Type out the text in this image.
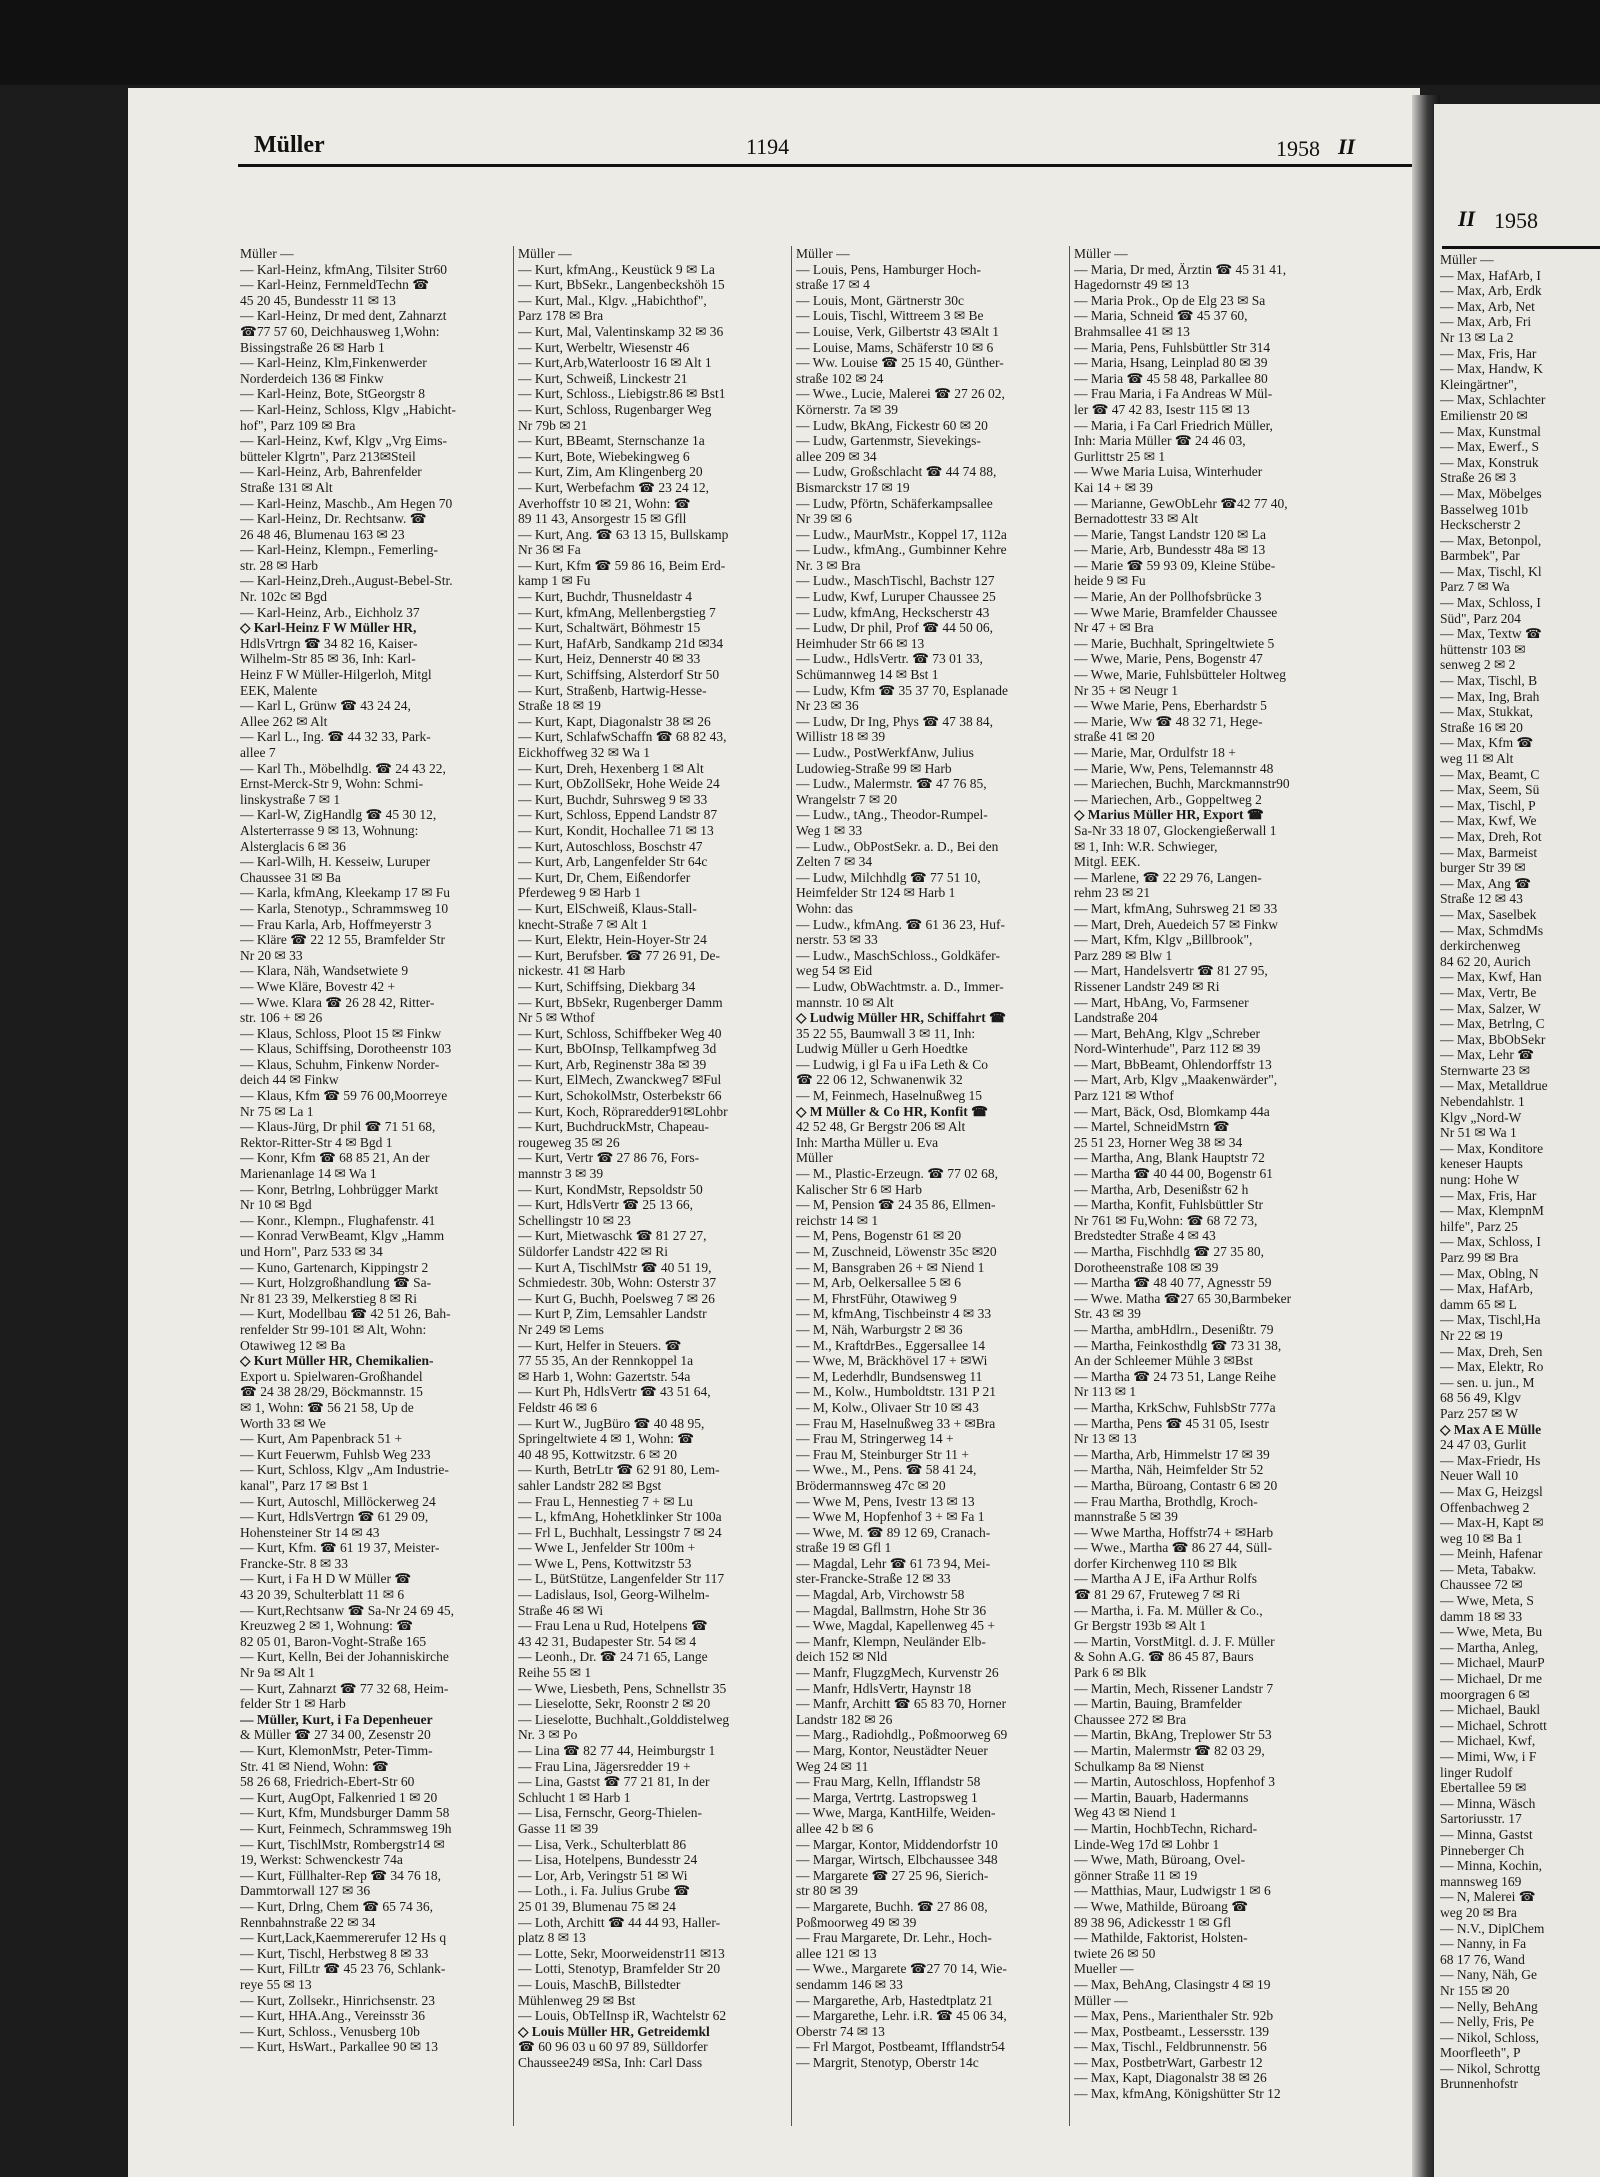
Müller	1194	1958 II
Müller —
— Karl-Heinz, kfmAng, Tilsiter Str60
— Karl-Heinz, FernmeldTechn ☎
45 20 45, Bundesstr 11 ✉ 13
— Karl-Heinz, Dr med dent, Zahnarzt
☎77 57 60, Deichhausweg 1,Wohn:
Bissingstraße 26 ✉ Harb 1
— Karl-Heinz, Klm,Finkenwerder
Norderdeich 136 ✉ Finkw
— Karl-Heinz, Bote, StGeorgstr 8
— Karl-Heinz, Schloss, Klgv „Habicht-
hof", Parz 109 ✉ Bra
— Karl-Heinz, Kwf, Klgv „Vrg Eims-
bütteler Klgrtn", Parz 213✉Steil
— Karl-Heinz, Arb, Bahrenfelder
Straße 131 ✉ Alt
— Karl-Heinz, Maschb., Am Hegen 70
— Karl-Heinz, Dr. Rechtsanw. ☎
26 48 46, Blumenau 163 ✉ 23
— Karl-Heinz, Klempn., Femerling-
str. 28 ✉ Harb
— Karl-Heinz,Dreh.,August-Bebel-Str.
Nr. 102c ✉ Bgd
— Karl-Heinz, Arb., Eichholz 37
◇ Karl-Heinz F W Müller HR,
HdlsVrtrgn ☎ 34 82 16, Kaiser-
Wilhelm-Str 85 ✉ 36, Inh: Karl-
Heinz F W Müller-Hilgerloh, Mitgl
EEK, Malente
— Karl L, Grünw ☎ 43 24 24,
Allee 262 ✉ Alt
— Karl L., Ing. ☎ 44 32 33, Park-
allee 7
— Karl Th., Möbelhdlg. ☎ 24 43 22,
Ernst-Merck-Str 9, Wohn: Schmi-
linskystraße 7 ✉ 1
— Karl-W, ZigHandlg ☎ 45 30 12,
Alsterterrasse 9 ✉ 13, Wohnung:
Alsterglacis 6 ✉ 36
— Karl-Wilh, H. Kesseiw, Luruper
Chaussee 31 ✉ Ba
— Karla, kfmAng, Kleekamp 17 ✉ Fu
— Karla, Stenotyp., Schrammsweg 10
— Frau Karla, Arb, Hoffmeyerstr 3
— Kläre ☎ 22 12 55, Bramfelder Str
Nr 20 ✉ 33
— Klara, Näh, Wandsetwiete 9
— Wwe Kläre, Bovestr 42 +
— Wwe. Klara ☎ 26 28 42, Ritter-
str. 106 + ✉ 26
— Klaus, Schloss, Ploot 15 ✉ Finkw
— Klaus, Schiffsing, Dorotheenstr 103
— Klaus, Schuhm, Finkenw Norder-
deich 44 ✉ Finkw
— Klaus, Kfm ☎ 59 76 00,Moorreye
Nr 75 ✉ La 1
— Klaus-Jürg, Dr phil ☎ 71 51 68,
Rektor-Ritter-Str 4 ✉ Bgd 1
— Konr, Kfm ☎ 68 85 21, An der
Marienanlage 14 ✉ Wa 1
— Konr, Betrlng, Lohbrügger Markt
Nr 10 ✉ Bgd
— Konr., Klempn., Flughafenstr. 41
— Konrad VerwBeamt, Klgv „Hamm
und Horn", Parz 533 ✉ 34
— Kuno, Gartenarch, Kippingstr 2
— Kurt, Holzgroßhandlung ☎ Sa-
Nr 81 23 39, Melkerstieg 8 ✉ Ri
— Kurt, Modellbau ☎ 42 51 26, Bah-
renfelder Str 99-101 ✉ Alt, Wohn:
Otawiweg 12 ✉ Ba
◇ Kurt Müller HR, Chemikalien-
Export u. Spielwaren-Großhandel
☎ 24 38 28/29, Böckmannstr. 15
✉ 1, Wohn: ☎ 56 21 58, Up de
Worth 33 ✉ We
— Kurt, Am Papenbrack 51 +
— Kurt Feuerwm, Fuhlsb Weg 233
— Kurt, Schloss, Klgv „Am Industrie-
kanal", Parz 17 ✉ Bst 1
— Kurt, Autoschl, Millöckerweg 24
— Kurt, HdlsVertrgn ☎ 61 29 09,
Hohensteiner Str 14 ✉ 43
— Kurt, Kfm. ☎ 61 19 37, Meister-
Francke-Str. 8 ✉ 33
— Kurt, i Fa H D W Müller ☎
43 20 39, Schulterblatt 11 ✉ 6
— Kurt,Rechtsanw ☎ Sa-Nr 24 69 45,
Kreuzweg 2 ✉ 1, Wohnung: ☎
82 05 01, Baron-Voght-Straße 165
— Kurt, Kelln, Bei der Johanniskirche
Nr 9a ✉ Alt 1
— Kurt, Zahnarzt ☎ 77 32 68, Heim-
felder Str 1 ✉ Harb
— Müller, Kurt, i Fa Depenheuer
& Müller ☎ 27 34 00, Zesenstr 20
— Kurt, KlemonMstr, Peter-Timm-
Str. 41 ✉ Niend, Wohn: ☎
58 26 68, Friedrich-Ebert-Str 60
— Kurt, AugOpt, Falkenried 1 ✉ 20
— Kurt, Kfm, Mundsburger Damm 58
— Kurt, Feinmech, Schrammsweg 19h
— Kurt, TischlMstr, Rombergstr14 ✉
19, Werkst: Schwenckestr 74a
— Kurt, Füllhalter-Rep ☎ 34 76 18,
Dammtorwall 127 ✉ 36
— Kurt, Drlng, Chem ☎ 65 74 36,
Rennbahnstraße 22 ✉ 34
— Kurt,Lack,Kaemmererufer 12 Hs q
— Kurt, Tischl, Herbstweg 8 ✉ 33
— Kurt, FilLtr ☎ 45 23 76, Schlank-
reye 55 ✉ 13
— Kurt, Zollsekr., Hinrichsenstr. 23
— Kurt, HHA.Ang., Vereinsstr 36
— Kurt, Schloss., Venusberg 10b
— Kurt, HsWart., Parkallee 90 ✉ 13
Müller —
— Kurt, kfmAng., Keustück 9 ✉ La
— Kurt, BbSekr., Langenbeckshöh 15
— Kurt, Mal., Klgv. „Habichthof",
Parz 178 ✉ Bra
— Kurt, Mal, Valentinskamp 32 ✉ 36
— Kurt, Werbeltr, Wiesenstr 46
— Kurt,Arb,Waterloostr 16 ✉ Alt 1
— Kurt, Schweiß, Linckestr 21
— Kurt, Schloss., Liebigstr.86 ✉ Bst1
— Kurt, Schloss, Rugenbarger Weg
Nr 79b ✉ 21
— Kurt, BBeamt, Sternschanze 1a
— Kurt, Bote, Wiebekingweg 6
— Kurt, Zim, Am Klingenberg 20
— Kurt, Werbefachm ☎ 23 24 12,
Averhoffstr 10 ✉ 21, Wohn: ☎
89 11 43, Ansorgestr 15 ✉ Gfll
— Kurt, Ang. ☎ 63 13 15, Bullskamp
Nr 36 ✉ Fa
— Kurt, Kfm ☎ 59 86 16, Beim Erd-
kamp 1 ✉ Fu
— Kurt, Buchdr, Thusneldastr 4
— Kurt, kfmAng, Mellenbergstieg 7
— Kurt, Schaltwärt, Böhmestr 15
— Kurt, HafArb, Sandkamp 21d ✉34
— Kurt, Heiz, Dennerstr 40 ✉ 33
— Kurt, Schiffsing, Alsterdorf Str 50
— Kurt, Straßenb, Hartwig-Hesse-
Straße 18 ✉ 19
— Kurt, Kapt, Diagonalstr 38 ✉ 26
— Kurt, SchlafwSchaffn ☎ 68 82 43,
Eickhoffweg 32 ✉ Wa 1
— Kurt, Dreh, Hexenberg 1 ✉ Alt
— Kurt, ObZollSekr, Hohe Weide 24
— Kurt, Buchdr, Suhrsweg 9 ✉ 33
— Kurt, Schloss, Eppend Landstr 87
— Kurt, Kondit, Hochallee 71 ✉ 13
— Kurt, Autoschloss, Boschstr 47
— Kurt, Arb, Langenfelder Str 64c
— Kurt, Dr, Chem, Eißendorfer
Pferdeweg 9 ✉ Harb 1
— Kurt, ElSchweiß, Klaus-Stall-
knecht-Straße 7 ✉ Alt 1
— Kurt, Elektr, Hein-Hoyer-Str 24
— Kurt, Berufsber. ☎ 77 26 91, De-
nickestr. 41 ✉ Harb
— Kurt, Schiffsing, Diekbarg 34
— Kurt, BbSekr, Rugenberger Damm
Nr 5 ✉ Wthof
— Kurt, Schloss, Schiffbeker Weg 40
— Kurt, BbOInsp, Tellkampfweg 3d
— Kurt, Arb, Reginenstr 38a ✉ 39
— Kurt, ElMech, Zwanckweg7 ✉Ful
— Kurt, SchokolMstr, Osterbekstr 66
— Kurt, Koch, Röpraredder91✉Lohbr
— Kurt, BuchdruckMstr, Chapeau-
rougeweg 35 ✉ 26
— Kurt, Vertr ☎ 27 86 76, Fors-
mannstr 3 ✉ 39
— Kurt, KondMstr, Repsoldstr 50
— Kurt, HdlsVertr ☎ 25 13 66,
Schellingstr 10 ✉ 23
— Kurt, Mietwaschk ☎ 81 27 27,
Süldorfer Landstr 422 ✉ Ri
— Kurt A, TischlMstr ☎ 40 51 19,
Schmiedestr. 30b, Wohn: Osterstr 37
— Kurt G, Buchh, Poelsweg 7 ✉ 26
— Kurt P, Zim, Lemsahler Landstr
Nr 249 ✉ Lems
— Kurt, Helfer in Steuers. ☎
77 55 35, An der Rennkoppel 1a
✉ Harb 1, Wohn: Gazertstr. 54a
— Kurt Ph, HdlsVertr ☎ 43 51 64,
Feldstr 46 ✉ 6
— Kurt W., JugBüro ☎ 40 48 95,
Springeltwiete 4 ✉ 1, Wohn: ☎
40 48 95, Kottwitzstr. 6 ✉ 20
— Kurth, BetrLtr ☎ 62 91 80, Lem-
sahler Landstr 282 ✉ Bgst
— Frau L, Hennestieg 7 + ✉ Lu
— L, kfmAng, Hohetklinker Str 100a
— Frl L, Buchhalt, Lessingstr 7 ✉ 24
— Wwe L, Jenfelder Str 100m +
— Wwe L, Pens, Kottwitzstr 53
— L, BütStütze, Langenfelder Str 117
— Ladislaus, Isol, Georg-Wilhelm-
Straße 46 ✉ Wi
— Frau Lena u Rud, Hotelpens ☎
43 42 31, Budapester Str. 54 ✉ 4
— Leonh., Dr. ☎ 24 71 65, Lange
Reihe 55 ✉ 1
— Wwe, Liesbeth, Pens, Schnellstr 35
— Lieselotte, Sekr, Roonstr 2 ✉ 20
— Lieselotte, Buchhalt.,Golddistelweg
Nr. 3 ✉ Po
— Lina ☎ 82 77 44, Heimburgstr 1
— Frau Lina, Jägersredder 19 +
— Lina, Gastst ☎ 77 21 81, In der
Schlucht 1 ✉ Harb 1
— Lisa, Fernschr, Georg-Thielen-
Gasse 11 ✉ 39
— Lisa, Verk., Schulterblatt 86
— Lisa, Hotelpens, Bundesstr 24
— Lor, Arb, Veringstr 51 ✉ Wi
— Loth., i. Fa. Julius Grube ☎
25 01 39, Blumenau 75 ✉ 24
— Loth, Architt ☎ 44 44 93, Haller-
platz 8 ✉ 13
— Lotte, Sekr, Moorweidenstr11 ✉13
— Lotti, Stenotyp, Bramfelder Str 20
— Louis, MaschB, Billstedter
Mühlenweg 29 ✉ Bst
— Louis, ObTelInsp iR, Wachtelstr 62
◇ Louis Müller HR, Getreidemkl
☎ 60 96 03 u 60 97 89, Sülldorfer
Chaussee249 ✉Sa, Inh: Carl Dass
Müller —
— Louis, Pens, Hamburger Hoch-
straße 17 ✉ 4
— Louis, Mont, Gärtnerstr 30c
— Louis, Tischl, Wittreem 3 ✉ Be
— Louise, Verk, Gilbertstr 43 ✉Alt 1
— Louise, Mams, Schäferstr 10 ✉ 6
— Ww. Louise ☎ 25 15 40, Günther-
straße 102 ✉ 24
— Wwe., Lucie, Malerei ☎ 27 26 02,
Körnerstr. 7a ✉ 39
— Ludw, BkAng, Fickestr 60 ✉ 20
— Ludw, Gartenmstr, Sievekings-
allee 209 ✉ 34
— Ludw, Großschlacht ☎ 44 74 88,
Bismarckstr 17 ✉ 19
— Ludw, Pförtn, Schäferkampsallee
Nr 39 ✉ 6
— Ludw., MaurMstr., Koppel 17, 112a
— Ludw., kfmAng., Gumbinner Kehre
Nr. 3 ✉ Bra
— Ludw., MaschTischl, Bachstr 127
— Ludw, Kwf, Luruper Chaussee 25
— Ludw, kfmAng, Heckscherstr 43
— Ludw, Dr phil, Prof ☎ 44 50 06,
Heimhuder Str 66 ✉ 13
— Ludw., HdlsVertr. ☎ 73 01 33,
Schümannweg 14 ✉ Bst 1
— Ludw, Kfm ☎ 35 37 70, Esplanade
Nr 23 ✉ 36
— Ludw, Dr Ing, Phys ☎ 47 38 84,
Willistr 18 ✉ 39
— Ludw., PostWerkfAnw, Julius
Ludowieg-Straße 99 ✉ Harb
— Ludw., Malermstr. ☎ 47 76 85,
Wrangelstr 7 ✉ 20
— Ludw., tAng., Theodor-Rumpel-
Weg 1 ✉ 33
— Ludw., ObPostSekr. a. D., Bei den
Zelten 7 ✉ 34
— Ludw, Milchhdlg ☎ 77 51 10,
Heimfelder Str 124 ✉ Harb 1
Wohn: das
— Ludw., kfmAng. ☎ 61 36 23, Huf-
nerstr. 53 ✉ 33
— Ludw., MaschSchloss., Goldkäfer-
weg 54 ✉ Eid
— Ludw, ObWachtmstr. a. D., Immer-
mannstr. 10 ✉ Alt
◇ Ludwig Müller HR, Schiffahrt ☎
35 22 55, Baumwall 3 ✉ 11, Inh:
Ludwig Müller u Gerh Hoedtke
— Ludwig, i gl Fa u iFa Leth & Co
☎ 22 06 12, Schwanenwik 32
— M, Feinmech, Haselnußweg 15
◇ M Müller & Co HR, Konfit ☎
42 52 48, Gr Bergstr 206 ✉ Alt
Inh: Martha Müller u. Eva
Müller
— M., Plastic-Erzeugn. ☎ 77 02 68,
Kalischer Str 6 ✉ Harb
— M, Pension ☎ 24 35 86, Ellmen-
reichstr 14 ✉ 1
— M, Pens, Bogenstr 61 ✉ 20
— M, Zuschneid, Löwenstr 35c ✉20
— M, Bansgraben 26 + ✉ Niend 1
— M, Arb, Oelkersallee 5 ✉ 6
— M, FhrstFühr, Otawiweg 9
— M, kfmAng, Tischbeinstr 4 ✉ 33
— M, Näh, Warburgstr 2 ✉ 36
— M., KraftdrBes., Eggersallee 14
— Wwe, M, Bräckhövel 17 + ✉Wi
— M, Lederhdlr, Bundsensweg 11
— M., Kolw., Humboldtstr. 131 P 21
— M, Kolw., Olivaer Str 10 ✉ 43
— Frau M, Haselnußweg 33 + ✉Bra
— Frau M, Stringerweg 14 +
— Frau M, Steinburger Str 11 +
— Wwe., M., Pens. ☎ 58 41 24,
Brödermannsweg 47c ✉ 20
— Wwe M, Pens, Ivestr 13 ✉ 13
— Wwe M, Hopfenhof 3 + ✉ Fa 1
— Wwe, M. ☎ 89 12 69, Cranach-
straße 19 ✉ Gfl 1
— Magdal, Lehr ☎ 61 73 94, Mei-
ster-Francke-Straße 12 ✉ 33
— Magdal, Arb, Virchowstr 58
— Magdal, Ballmstrn, Hohe Str 36
— Wwe, Magdal, Kapellenweg 45 +
— Manfr, Klempn, Neuländer Elb-
deich 152 ✉ Nld
— Manfr, FlugzgMech, Kurvenstr 26
— Manfr, HdlsVertr, Haynstr 18
— Manfr, Architt ☎ 65 83 70, Horner
Landstr 182 ✉ 26
— Marg., Radiohdlg., Poßmoorweg 69
— Marg, Kontor, Neustädter Neuer
Weg 24 ✉ 11
— Frau Marg, Kelln, Ifflandstr 58
— Marga, Vertrtg. Lastropsweg 1
— Wwe, Marga, KantHilfe, Weiden-
allee 42 b ✉ 6
— Margar, Kontor, Middendorfstr 10
— Margar, Wirtsch, Elbchaussee 348
— Margarete ☎ 27 25 96, Sierich-
str 80 ✉ 39
— Margarete, Buchh. ☎ 27 86 08,
Poßmoorweg 49 ✉ 39
— Frau Margarete, Dr. Lehr., Hoch-
allee 121 ✉ 13
— Wwe., Margarete ☎27 70 14, Wie-
sendamm 146 ✉ 33
— Margarethe, Arb, Hastedtplatz 21
— Margarethe, Lehr. i.R. ☎ 45 06 34,
Oberstr 74 ✉ 13
— Frl Margot, Postbeamt, Ifflandstr54
— Margrit, Stenotyp, Oberstr 14c
Müller —
— Maria, Dr med, Ärztin ☎ 45 31 41,
Hagedornstr 49 ✉ 13
— Maria Prok., Op de Elg 23 ✉ Sa
— Maria, Schneid ☎ 45 37 60,
Brahmsallee 41 ✉ 13
— Maria, Pens, Fuhlsbüttler Str 314
— Maria, Hsang, Leinplad 80 ✉ 39
— Maria ☎ 45 58 48, Parkallee 80
— Frau Maria, i Fa Andreas W Mül-
ler ☎ 47 42 83, Isestr 115 ✉ 13
— Maria, i Fa Carl Friedrich Müller,
Inh: Maria Müller ☎ 24 46 03,
Gurlittstr 25 ✉ 1
— Wwe Maria Luisa, Winterhuder
Kai 14 + ✉ 39
— Marianne, GewObLehr ☎42 77 40,
Bernadottestr 33 ✉ Alt
— Marie, Tangst Landstr 120 ✉ La
— Marie, Arb, Bundesstr 48a ✉ 13
— Marie ☎ 59 93 09, Kleine Stübe-
heide 9 ✉ Fu
— Marie, An der Pollhofsbrücke 3
— Wwe Marie, Bramfelder Chaussee
Nr 47 + ✉ Bra
— Marie, Buchhalt, Springeltwiete 5
— Wwe, Marie, Pens, Bogenstr 47
— Wwe, Marie, Fuhlsbütteler Holtweg
Nr 35 + ✉ Neugr 1
— Wwe Marie, Pens, Eberhardstr 5
— Marie, Ww ☎ 48 32 71, Hege-
straße 41 ✉ 20
— Marie, Mar, Ordulfstr 18 +
— Marie, Ww, Pens, Telemannstr 48
— Mariechen, Buchh, Marckmannstr90
— Mariechen, Arb., Goppeltweg 2
◇ Marius Müller HR, Export ☎
Sa-Nr 33 18 07, Glockengießerwall 1
✉ 1, Inh: W.R. Schwieger,
Mitgl. EEK.
— Marlene, ☎ 22 29 76, Langen-
rehm 23 ✉ 21
— Mart, kfmAng, Suhrsweg 21 ✉ 33
— Mart, Dreh, Auedeich 57 ✉ Finkw
— Mart, Kfm, Klgv „Billbrook",
Parz 289 ✉ Blw 1
— Mart, Handelsvertr ☎ 81 27 95,
Rissener Landstr 249 ✉ Ri
— Mart, HbAng, Vo, Farmsener
Landstraße 204
— Mart, BehAng, Klgv „Schreber
Nord-Winterhude", Parz 112 ✉ 39
— Mart, BbBeamt, Ohlendorffstr 13
— Mart, Arb, Klgv „Maakenwärder",
Parz 121 ✉ Wthof
— Mart, Bäck, Osd, Blomkamp 44a
— Martel, SchneidMstrn ☎
25 51 23, Horner Weg 38 ✉ 34
— Martha, Ang, Blank Hauptstr 72
— Martha ☎ 40 44 00, Bogenstr 61
— Martha, Arb, Desenißstr 62 h
— Martha, Konfit, Fuhlsbüttler Str
Nr 761 ✉ Fu,Wohn: ☎ 68 72 73,
Bredstedter Straße 4 ✉ 43
— Martha, Fischhdlg ☎ 27 35 80,
Dorotheenstraße 108 ✉ 39
— Martha ☎ 48 40 77, Agnesstr 59
— Wwe. Matha ☎27 65 30,Barmbeker
Str. 43 ✉ 39
— Martha, ambHdlrn., Desenißtr. 79
— Martha, Feinkosthdlg ☎ 73 31 38,
An der Schleemer Mühle 3 ✉Bst
— Martha ☎ 24 73 51, Lange Reihe
Nr 113 ✉ 1
— Martha, KrkSchw, FuhlsbStr 777a
— Martha, Pens ☎ 45 31 05, Isestr
Nr 13 ✉ 13
— Martha, Arb, Himmelstr 17 ✉ 39
— Martha, Näh, Heimfelder Str 52
— Martha, Büroang, Contastr 6 ✉ 20
— Frau Martha, Brothdlg, Kroch-
mannstraße 5 ✉ 39
— Wwe Martha, Hoffstr74 + ✉Harb
— Wwe., Martha ☎ 86 27 44, Süll-
dorfer Kirchenweg 110 ✉ Blk
— Martha A J E, iFa Arthur Rolfs
☎ 81 29 67, Fruteweg 7 ✉ Ri
— Martha, i. Fa. M. Müller & Co.,
Gr Bergstr 193b ✉ Alt 1
— Martin, VorstMitgl. d. J. F. Müller
& Sohn A.G. ☎ 86 45 87, Baurs
Park 6 ✉ Blk
— Martin, Mech, Rissener Landstr 7
— Martin, Bauing, Bramfelder
Chaussee 272 ✉ Bra
— Martin, BkAng, Treplower Str 53
— Martin, Malermstr ☎ 82 03 29,
Schulkamp 8a ✉ Nienst
— Martin, Autoschloss, Hopfenhof 3
— Martin, Bauarb, Hadermanns
Weg 43 ✉ Niend 1
— Martin, HochbTechn, Richard-
Linde-Weg 17d ✉ Lohbr 1
— Wwe, Math, Büroang, Ovel-
gönner Straße 11 ✉ 19
— Matthias, Maur, Ludwigstr 1 ✉ 6
— Wwe, Mathilde, Büroang ☎
89 38 96, Adickesstr 1 ✉ Gfl
— Mathilde, Faktorist, Holsten-
twiete 26 ✉ 50
Mueller —
— Max, BehAng, Clasingstr 4 ✉ 19
Müller —
— Max, Pens., Marienthaler Str. 92b
— Max, Postbeamt., Lessersstr. 139
— Max, Tischl., Feldbrunnenstr. 56
— Max, PostbetrWart, Garbestr 12
— Max, Kapt, Diagonalstr 38 ✉ 26
— Max, kfmAng, Königshütter Str 12
II 1958
Müller —
— Max, HafArb, I
— Max, Arb, Erdk
— Max, Arb, Net
— Max, Arb, Fri
Nr 13 ✉ La 2
— Max, Fris, Har
— Max, Handw, K
Kleingärtner",
— Max, Schlachter
Emilienstr 20 ✉
— Max, Kunstmal
— Max, Ewerf., S
— Max, Konstruk
Straße 26 ✉ 3
— Max, Möbelges
Basselweg 101b
Heckscherstr 2
— Max, Betonpol,
Barmbek", Par
— Max, Tischl, Kl
Parz 7 ✉ Wa
— Max, Schloss, I
Süd", Parz 204
— Max, Textw ☎
hüttenstr 103 ✉
senweg 2 ✉ 2
— Max, Tischl, B
— Max, Ing, Brah
— Max, Stukkat,
Straße 16 ✉ 20
— Max, Kfm ☎
weg 11 ✉ Alt
— Max, Beamt, C
— Max, Seem, Sü
— Max, Tischl, P
— Max, Kwf, We
— Max, Dreh, Rot
— Max, Barmeist
burger Str 39 ✉
— Max, Ang ☎
Straße 12 ✉ 43
— Max, Saselbek
— Max, SchmdMs
derkirchenweg
84 62 20, Aurich
— Max, Kwf, Han
— Max, Vertr, Be
— Max, Salzer, W
— Max, Betrlng, C
— Max, BbObSekr
— Max, Lehr ☎
Sternwarte 23 ✉
— Max, Metalldrue
Nebendahlstr. 1
Klgv „Nord-W
Nr 51 ✉ Wa 1
— Max, Konditore
keneser Haupts
nung: Hohe W
— Max, Fris, Har
— Max, KlempnM
hilfe", Parz 25
— Max, Schloss, I
Parz 99 ✉ Bra
— Max, Oblng, N
— Max, HafArb,
damm 65 ✉ L
— Max, Tischl,Ha
Nr 22 ✉ 19
— Max, Dreh, Sen
— Max, Elektr, Ro
— sen. u. jun., M
68 56 49, Klgv
Parz 257 ✉ W
◇ Max A E Mülle
24 47 03, Gurlit
— Max-Friedr, Hs
Neuer Wall 10
— Max G, Heizgsl
Offenbachweg 2
— Max-H, Kapt ✉
weg 10 ✉ Ba 1
— Meinh, Hafenar
— Meta, Tabakw.
Chaussee 72 ✉
— Wwe, Meta, S
damm 18 ✉ 33
— Wwe, Meta, Bu
— Martha, Anleg,
— Michael, MaurP
— Michael, Dr me
moorgragen 6 ✉
— Michael, Baukl
— Michael, Schrott
— Michael, Kwf,
— Mimi, Ww, i F
linger Rudolf
Ebertallee 59 ✉
— Minna, Wäsch
Sartoriusstr. 17
— Minna, Gastst
Pinneberger Ch
— Minna, Kochin,
mannsweg 169
— N, Malerei ☎
weg 20 ✉ Bra
— N.V., DiplChem
— Nanny, in Fa
68 17 76, Wand
— Nany, Näh, Ge
Nr 155 ✉ 20
— Nelly, BehAng
— Nelly, Fris, Pe
— Nikol, Schloss,
Moorfleeth", P
— Nikol, Schrottg
Brunnenhofstr
